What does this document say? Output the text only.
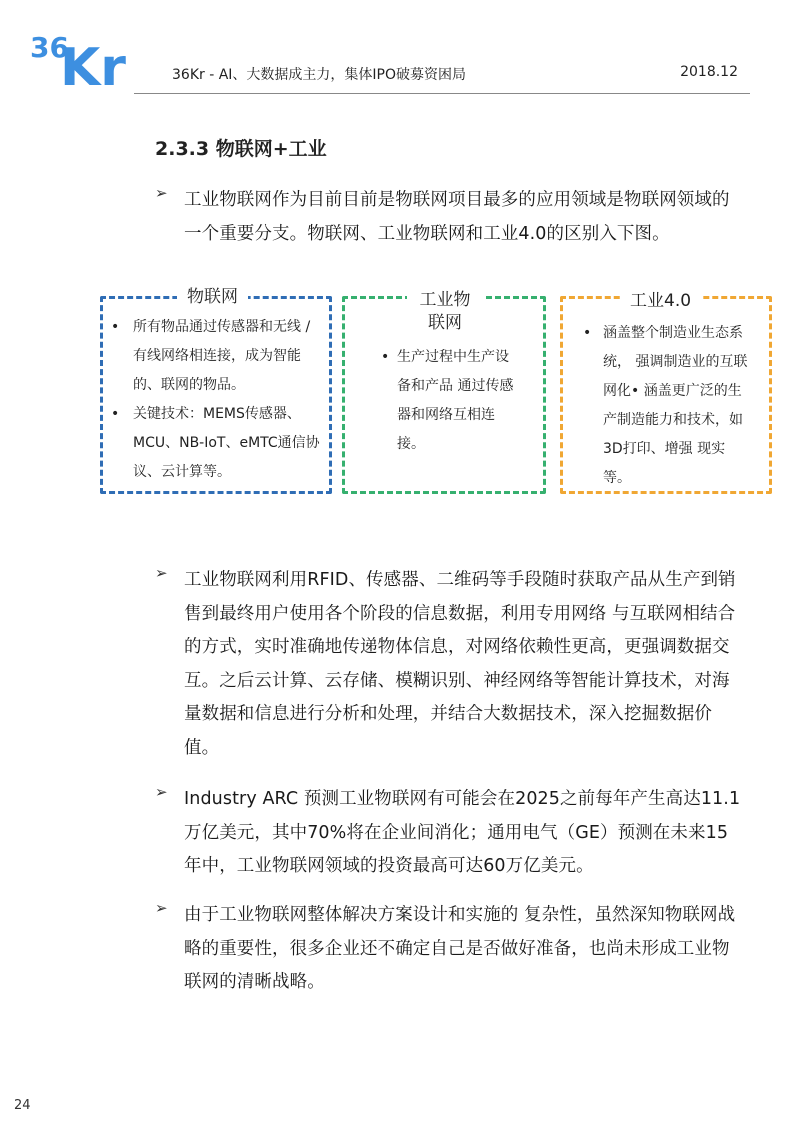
36
Kr	36Kr - AI、大数据成主力，集体IPO破募资困局	2018.12
2.3.3 物联网+工业
➢ 工业物联网作为目前目前是物联网项目最多的应用领域是物联网领域的一个重要分支。物联网、工业物联网和工业4.0的区别入下图。
物联网
• 所有物品通过传感器和无线 / 有线网络相连接，成为智能的、联网的物品。
• 关键技术：MEMS传感器、MCU、NB-IoT、eMTC通信协议、云计算等。
工业物联网
• 生产过程中生产设备和产品 通过传感器和网络互相连接。
工业4.0
• 涵盖整个制造业生态系统， 强调制造业的互联网化• 涵盖更广泛的生产制造能力和技术，如3D打印、增强 现实等。
➢ 工业物联网利用RFID、传感器、二维码等手段随时获取产品从生产到销售到最终用户使用各个阶段的信息数据，利用专用网络 与互联网相结合的方式，实时准确地传递物体信息，对网络依赖性更高，更强调数据交互。之后云计算、云存储、模糊识别、神经网络等智能计算技术，对海量数据和信息进行分析和处理，并结合大数据技术，深入挖掘数据价值。
➢ Industry ARC 预测工业物联网有可能会在2025之前每年产生高达11.1万亿美元，其中70%将在企业间消化；通用电气（GE）预测在未来15年中，工业物联网领域的投资最高可达60万亿美元。
➢ 由于工业物联网整体解决方案设计和实施的 复杂性，虽然深知物联网战略的重要性，很多企业还不确定自己是否做好准备，也尚未形成工业物联网的清晰战略。
24
